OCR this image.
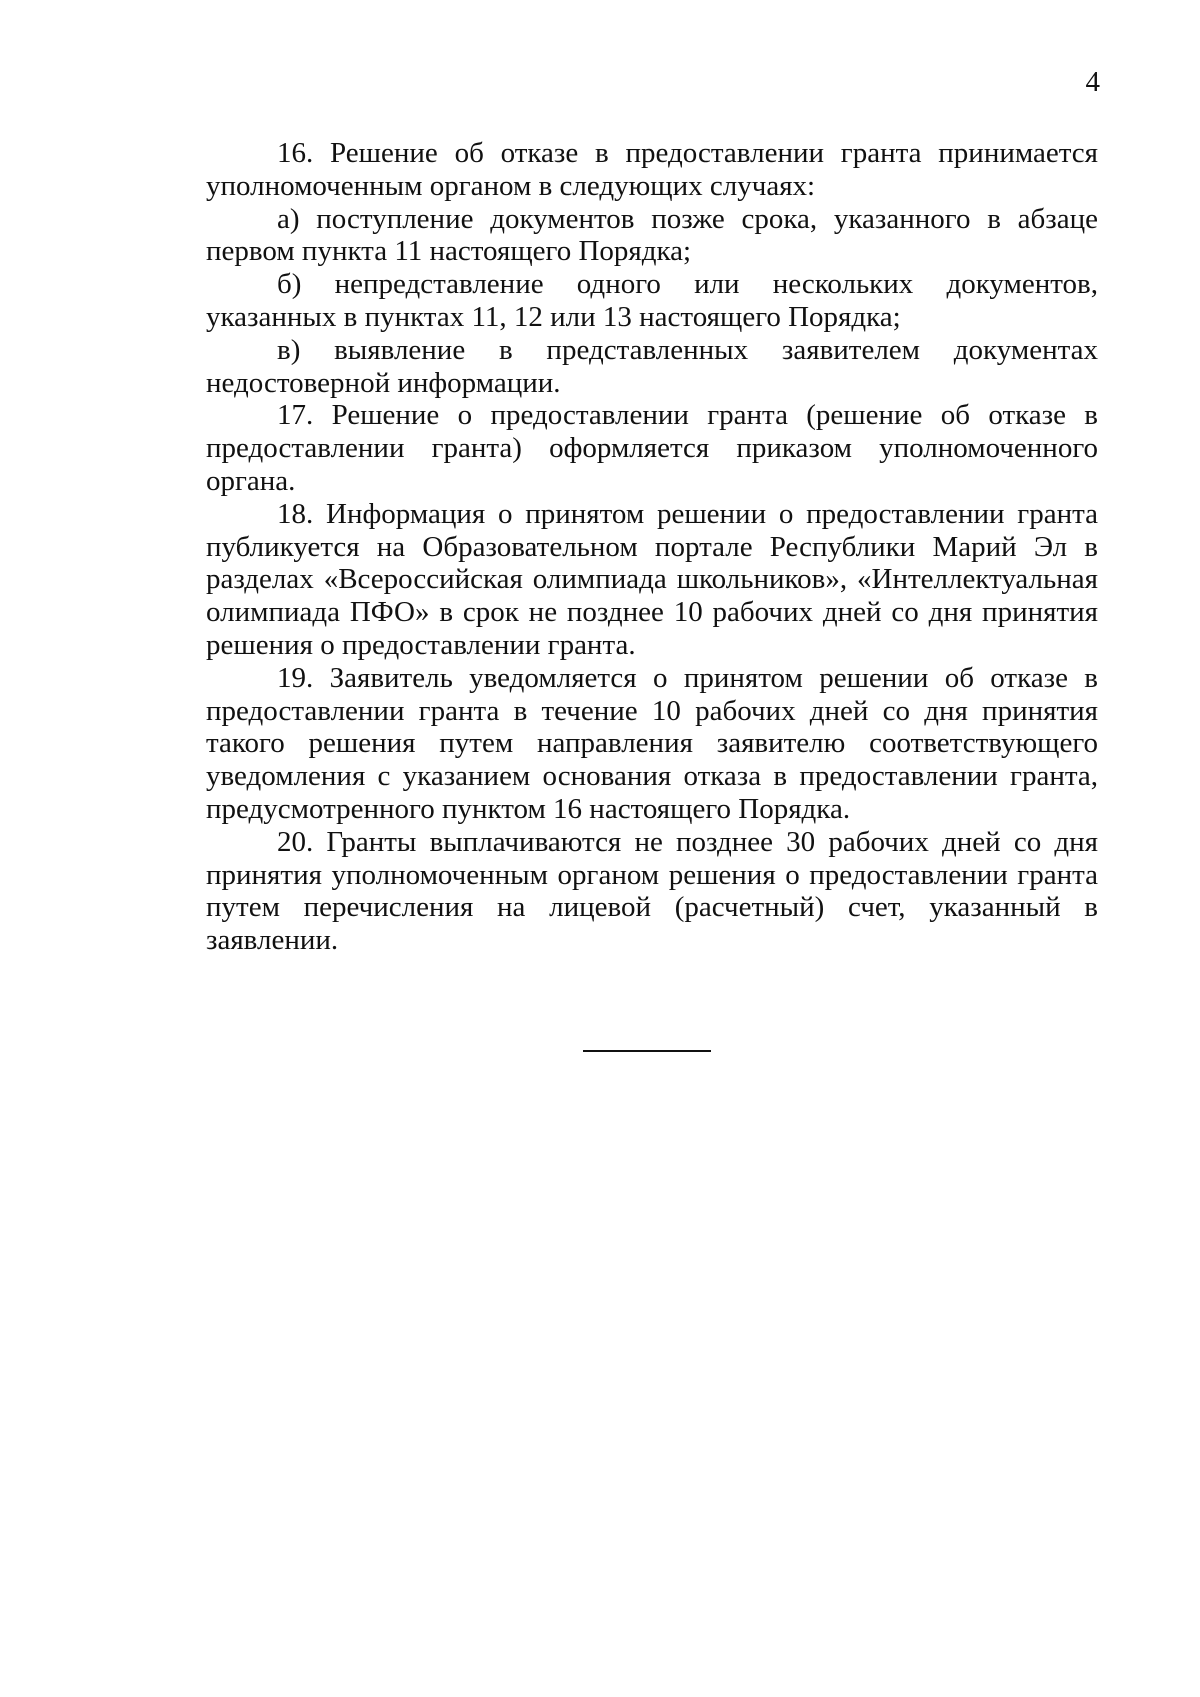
4

16. Решение об отказе в предоставлении гранта принимается уполномоченным органом в следующих случаях:

а) поступление документов позже срока, указанного в абзаце первом пункта 11 настоящего Порядка;

б) непредставление одного или нескольких документов, указанных в пунктах 11, 12 или 13 настоящего Порядка;

в) выявление в представленных заявителем документах недостоверной информации.

17. Решение о предоставлении гранта (решение об отказе в предоставлении гранта) оформляется приказом уполномоченного органа.

18. Информация о принятом решении о предоставлении гранта публикуется на Образовательном портале Республики Марий Эл в разделах «Всероссийская олимпиада школьников», «Интеллектуальная олимпиада ПФО» в срок не позднее 10 рабочих дней со дня принятия решения о предоставлении гранта.

19. Заявитель уведомляется о принятом решении об отказе в предоставлении гранта в течение 10 рабочих дней со дня принятия такого решения путем направления заявителю соответствующего уведомления с указанием основания отказа в предоставлении гранта, предусмотренного пунктом 16 настоящего Порядка.

20. Гранты выплачиваются не позднее 30 рабочих дней со дня принятия уполномоченным органом решения о предоставлении гранта путем перечисления на лицевой (расчетный) счет, указанный в заявлении.
